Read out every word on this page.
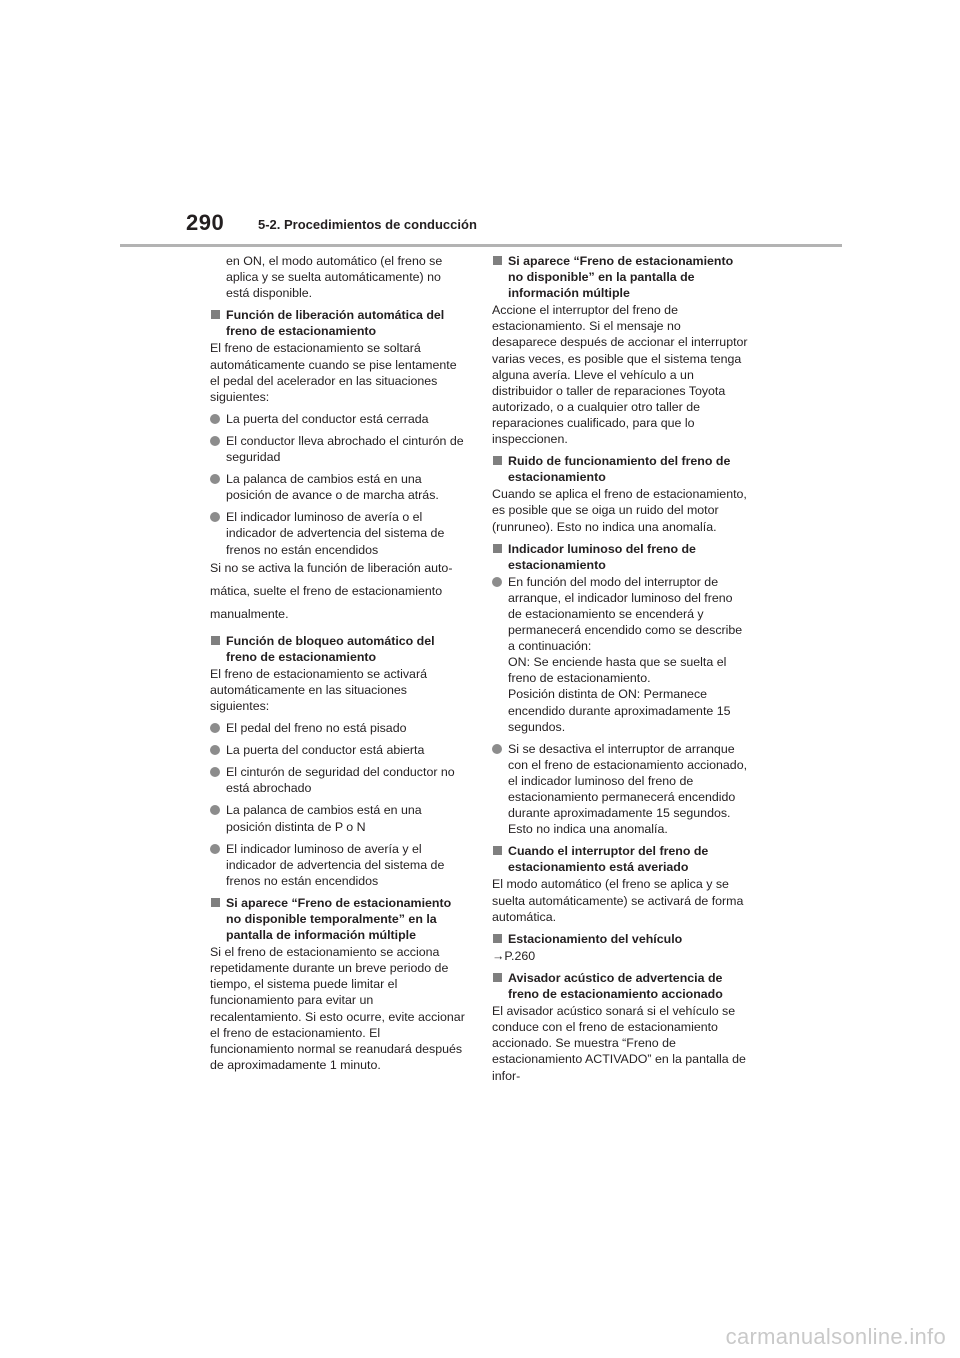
290	5-2. Procedimientos de conducción

en ON, el modo automático (el freno se aplica y se suelta automáticamente) no está disponible.

Función de liberación automática del freno de estacionamiento

El freno de estacionamiento se soltará automáticamente cuando se pise lentamente el pedal del acelerador en las situaciones siguientes:

La puerta del conductor está cerrada
El conductor lleva abrochado el cinturón de seguridad
La palanca de cambios está en una posición de avance o de marcha atrás.
El indicador luminoso de avería o el indicador de advertencia del sistema de frenos no están encendidos

Si no se activa la función de liberación auto-

mática, suelte el freno de estacionamiento

manualmente.

Función de bloqueo automático del freno de estacionamiento

El freno de estacionamiento se activará automáticamente en las situaciones siguientes:

El pedal del freno no está pisado
La puerta del conductor está abierta
El cinturón de seguridad del conductor no está abrochado
La palanca de cambios está en una posición distinta de P o N
El indicador luminoso de avería y el indicador de advertencia del sistema de frenos no están encendidos
Si aparece “Freno de estacionamiento no disponible temporalmente” en la pantalla de información múltiple

Si el freno de estacionamiento se acciona repetidamente durante un breve periodo de tiempo, el sistema puede limitar el funcionamiento para evitar un recalentamiento. Si esto ocurre, evite accionar el freno de estacionamiento. El funcionamiento normal se reanudará después de aproximadamente 1 minuto.

Si aparece “Freno de estacionamiento no disponible” en la pantalla de información múltiple

Accione el interruptor del freno de estacionamiento. Si el mensaje no desaparece después de accionar el interruptor varias veces, es posible que el sistema tenga alguna avería. Lleve el vehículo a un distribuidor o taller de reparaciones Toyota autorizado, o a cualquier otro taller de reparaciones cualificado, para que lo inspeccionen.

Ruido de funcionamiento del freno de estacionamiento

Cuando se aplica el freno de estacionamiento, es posible que se oiga un ruido del motor (runruneo). Esto no indica una anomalía.

Indicador luminoso del freno de estacionamiento
En función del modo del interruptor de arranque, el indicador luminoso del freno de estacionamiento se encenderá y permanecerá encendido como se describe a continuación:
ON: Se enciende hasta que se suelta el freno de estacionamiento.
Posición distinta de ON: Permanece encendido durante aproximadamente 15 segundos.
Si se desactiva el interruptor de arranque con el freno de estacionamiento accionado, el indicador luminoso del freno de estacionamiento permanecerá encendido durante aproximadamente 15 segundos. Esto no indica una anomalía.
Cuando el interruptor del freno de estacionamiento está averiado

El modo automático (el freno se aplica y se suelta automáticamente) se activará de forma automática.

Estacionamiento del vehículo

→P.260

Avisador acústico de advertencia de freno de estacionamiento accionado

El avisador acústico sonará si el vehículo se conduce con el freno de estacionamiento accionado. Se muestra “Freno de estacionamiento ACTIVADO” en la pantalla de infor-

carmanualsonline.info
